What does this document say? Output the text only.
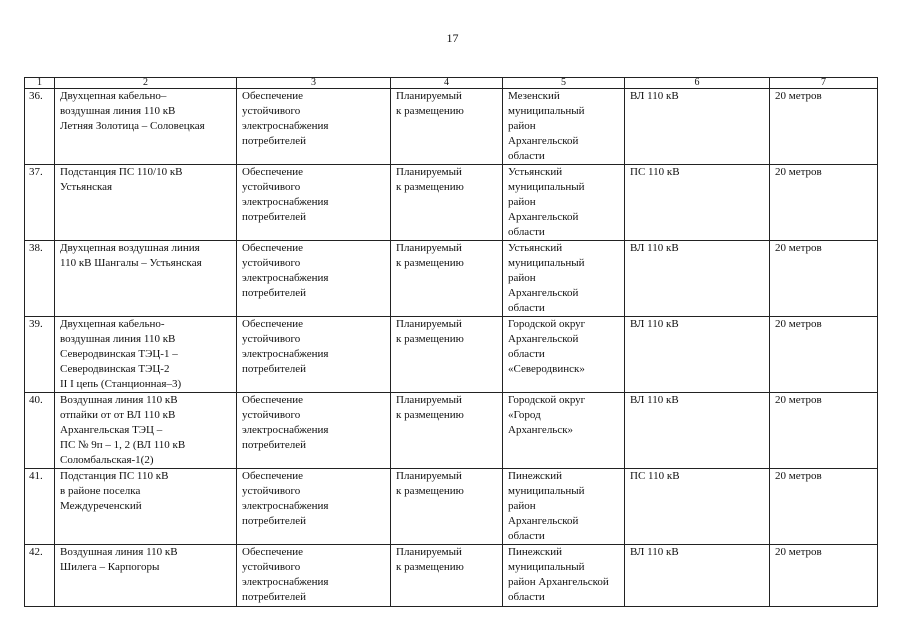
17
1	2	3	4	5	6	7
36.	Двухцепная кабельно–
воздушная линия 110 кВ
Летняя Золотица – Соловецкая	Обеспечение
устойчивого
электроснабжения
потребителей	Планируемый
к размещению	Мезенский
муниципальный
район
Архангельской
области	ВЛ 110 кВ	20 метров
37.	Подстанция ПС 110/10 кВ
Устьянская	Обеспечение
устойчивого
электроснабжения
потребителей	Планируемый
к размещению	Устьянский
муниципальный
район
Архангельской
области	ПС 110 кВ	20 метров
38.	Двухцепная воздушная линия
110 кВ Шангалы – Устьянская	Обеспечение
устойчивого
электроснабжения
потребителей	Планируемый
к размещению	Устьянский
муниципальный
район
Архангельской
области	ВЛ 110 кВ	20 метров
39.	Двухцепная кабельно-
воздушная линия 110 кВ
Северодвинская ТЭЦ-1 –
Северодвинская ТЭЦ-2
II I цепь (Станционная–3)	Обеспечение
устойчивого
электроснабжения
потребителей	Планируемый
к размещению	Городской округ
Архангельской
области
«Северодвинск»	ВЛ 110 кВ	20 метров
40.	Воздушная линия 110 кВ
отпайки от от ВЛ 110 кВ
Архангельская ТЭЦ –
ПС № 9п – 1, 2 (ВЛ 110 кВ
Соломбальская-1(2)	Обеспечение
устойчивого
электроснабжения
потребителей	Планируемый
к размещению	Городской округ
«Город
Архангельск»	ВЛ 110 кВ	20 метров
41.	Подстанция ПС 110 кВ
в районе поселка
Междуреченский	Обеспечение
устойчивого
электроснабжения
потребителей	Планируемый
к размещению	Пинежский
муниципальный
район
Архангельской
области	ПС 110 кВ	20 метров
42.	Воздушная линия 110 кВ
Шилега – Карпогоры	Обеспечение
устойчивого
электроснабжения
потребителей	Планируемый
к размещению	Пинежский
муниципальный
район Архангельской
области	ВЛ 110 кВ	20 метров
